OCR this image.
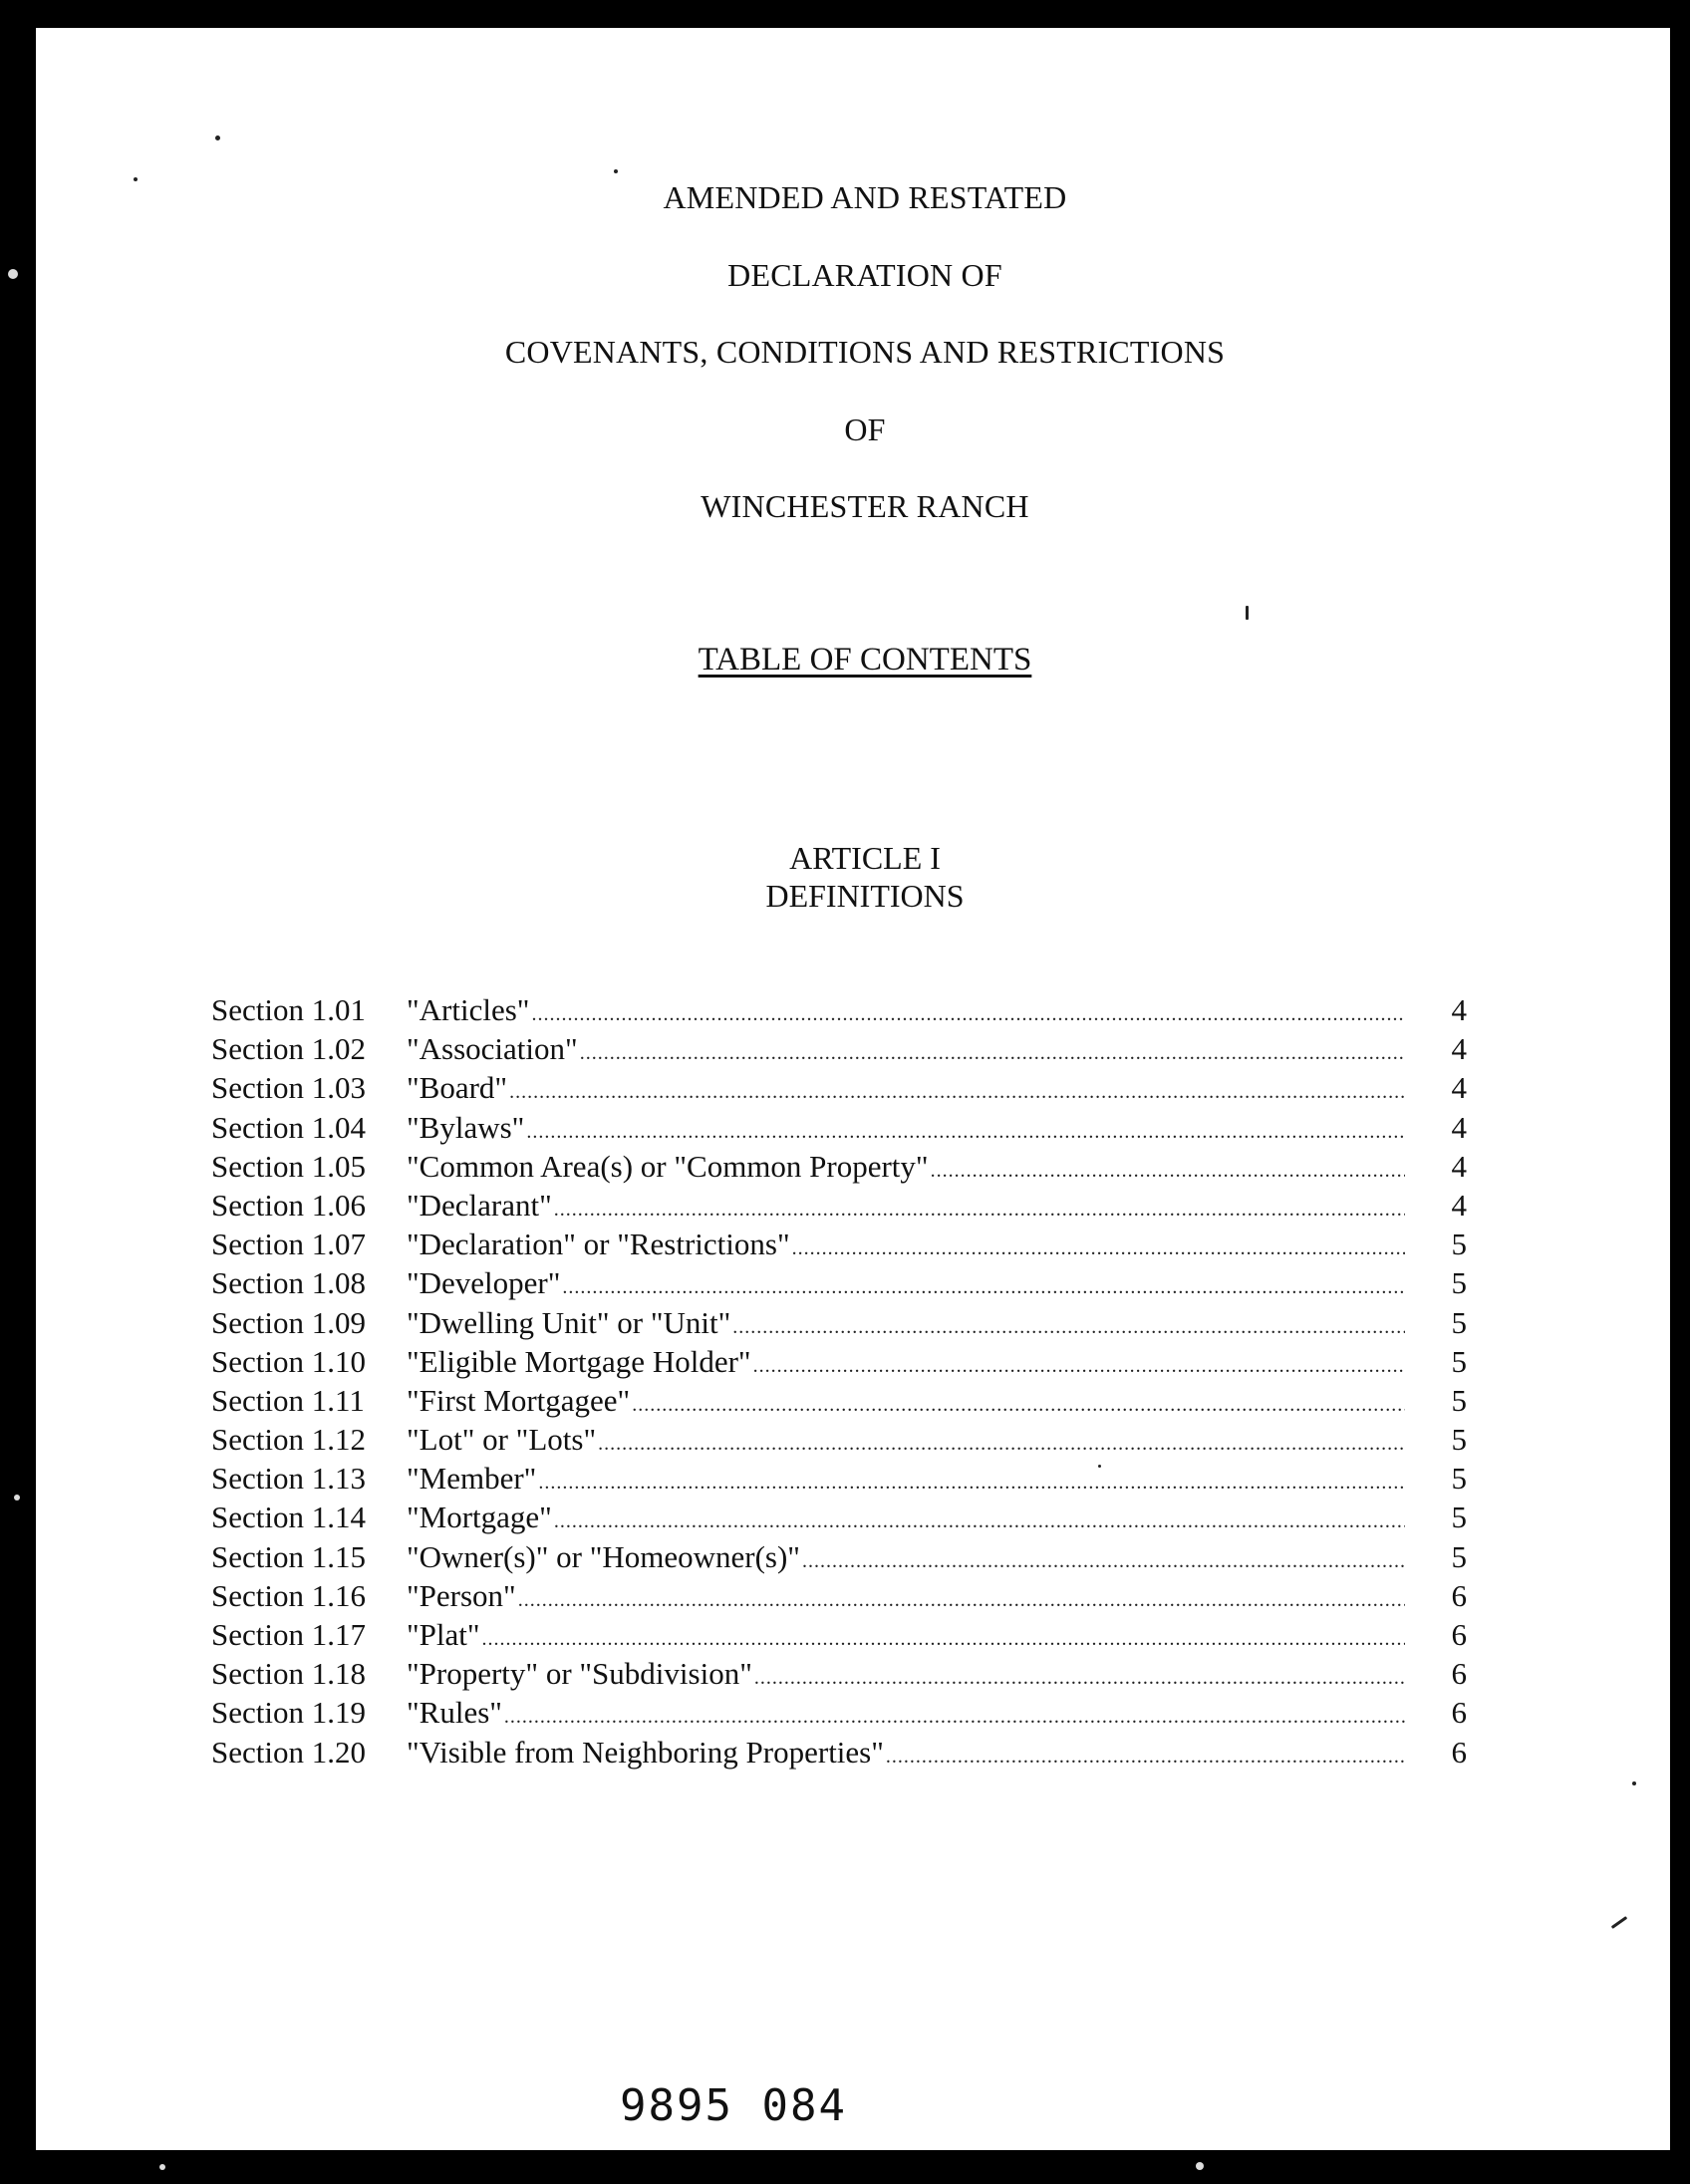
AMENDED AND RESTATED
DECLARATION OF
COVENANTS, CONDITIONS AND RESTRICTIONS
OF
WINCHESTER RANCH
TABLE OF CONTENTS
ARTICLE I
DEFINITIONS
Section 1.01	"Articles" .....	4
Section 1.02	"Association" .....	4
Section 1.03	"Board" .....	4
Section 1.04	"Bylaws" .....	4
Section 1.05	"Common Area(s) or "Common Property" .....	4
Section 1.06	"Declarant" .....	4
Section 1.07	"Declaration" or "Restrictions" .....	5
Section 1.08	"Developer" .....	5
Section 1.09	"Dwelling Unit" or "Unit" .....	5
Section 1.10	"Eligible Mortgage Holder" .....	5
Section 1.11	"First Mortgagee" .....	5
Section 1.12	"Lot" or "Lots" .....	5
Section 1.13	"Member" .....	5
Section 1.14	"Mortgage" .....	5
Section 1.15	"Owner(s)" or "Homeowner(s)" .....	5
Section 1.16	"Person" .....	6
Section 1.17	"Plat" .....	6
Section 1.18	"Property" or "Subdivision" .....	6
Section 1.19	"Rules" .....	6
Section 1.20	"Visible from Neighboring Properties" .....	6
9895 084
